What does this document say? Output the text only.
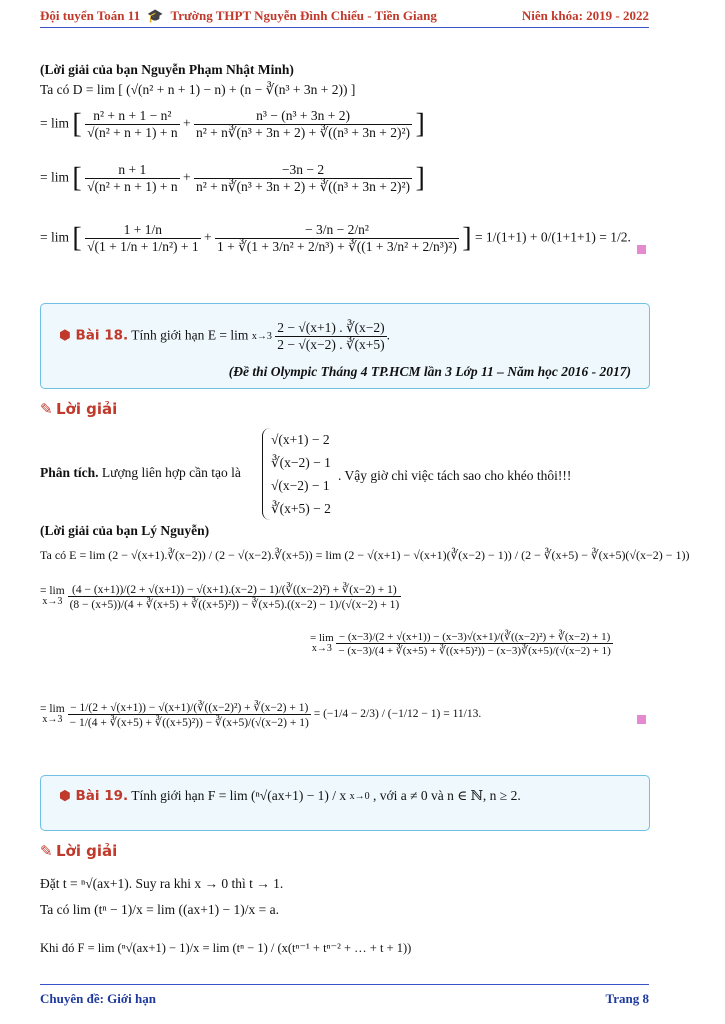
Đội tuyển Toán 11 🎓 Trường THPT Nguyễn Đình Chiểu - Tiền Giang	Niên khóa: 2019 - 2022
(Lời giải của bạn Nguyễn Phạm Nhật Minh)
Ta có D = lim [ (√(n² + n + 1) − n) + (n − ∛(n³ + 3n + 2)) ]
= lim [ $\frac{\text{n² + n + 1 − n²}}{\text{√(n² + n + 1) + n}} + \frac{\text{n³ − (n³ + 3n + 2)}}{\text{n² + n∛(n³ + 3n + 2) + ∛((n³ + 3n + 2)²)}}$ ]
= lim [ $\frac{n + 1}{\text{√(n² + n + 1) + n}} + \frac{-3n - 2}{\text{n² + n∛(n³ + 3n + 2) + ∛((n³ + 3n + 2)²)}}$ ]
= lim [ $\frac{1 + 1/n}{\text{√(1 + 1/n + 1/n²) + 1}} + \frac{\text{− 3/n − 2/n²}}{\text{1 + ∛(1 + 3/n² + 2/n³) + ∛((1 + 3/n² + 2/n³)²)}}$ ] = 1/(1+1) + 0/(1+1+1) = 1/2.
⬢ Bài 18. Tính giới hạn E = lim x→3
$\frac{2 - √(x+1) . ∛(x-2)}{2 - √(x-2) . ∛(x+5)}$ .
(Đề thi Olympic Tháng 4 TP.HCM lần 3 Lớp 11 – Năm học 2016 - 2017)
✎ Lời giải
Phân tích. Lượng liên hợp cần tạo là
√(x+1) − 2
∛(x−2) − 1
√(x−2) − 1
∛(x+5) − 2
. Vậy giờ chỉ việc tách sao cho khéo thôi!!!
(Lời giải của bạn Lý Nguyễn)
Ta có E = lim (2 − √(x+1).∛(x−2)) / (2 − √(x−2).∛(x+5)) = lim (2 − √(x+1) − √(x+1)(∛(x−2) − 1)) / (2 − ∛(x+5) − ∛(x+5)(√(x−2) − 1))
= lim
x→3

(4 − (x+1))/(2 + √(x+1)) − √(x+1).(x−2) − 1)/(∛((x−2)²) + ∛(x−2) + 1)
(8 − (x+5))/(4 + ∛(x+5) + ∛((x+5)²)) − ∛(x+5).((x−2) − 1)/(√(x−2) + 1)
= lim
x→3
$\frac{\text{− (x−3)/(2 + √(x+1)) − (x−3)√(x+1)/(∛((x−2)²) + ∛(x−2) + 1)}}{\text{− (x−3)/(4 + ∛(x+5) + ∛((x+5)²)) − (x−3)∛(x+5)/(√(x−2) + 1)}}$
= lim
x→3
$\frac{\text{− 1/(2 + √(x+1)) − √(x+1)/(∛((x−2)²) + ∛(x−2) + 1)}}{\text{− 1/(4 + ∛(x+5) + ∛((x+5)²)) − ∛(x+5)/(√(x−2) + 1)}} = (-1/4 - 2/3) / (-1/12 - 1) = 11/13$.
⬢ Bài 19. Tính giới hạn F = lim (ⁿ√(ax+1) − 1) / x x→0 , với a ≠ 0 và n ∈ ℕ, n ≥ 2.
✎ Lời giải
Đặt t = ⁿ√(ax+1). Suy ra khi x → 0 thì t → 1.
Ta có lim (tⁿ − 1)/x = lim ((ax+1) − 1)/x = a.
Khi đó F = lim (ⁿ√(ax+1) − 1)/x = lim (tⁿ − 1) / (x(tⁿ⁻¹ + tⁿ⁻² + … + t + 1))
Chuyên đề: Giới hạn	Trang 8
